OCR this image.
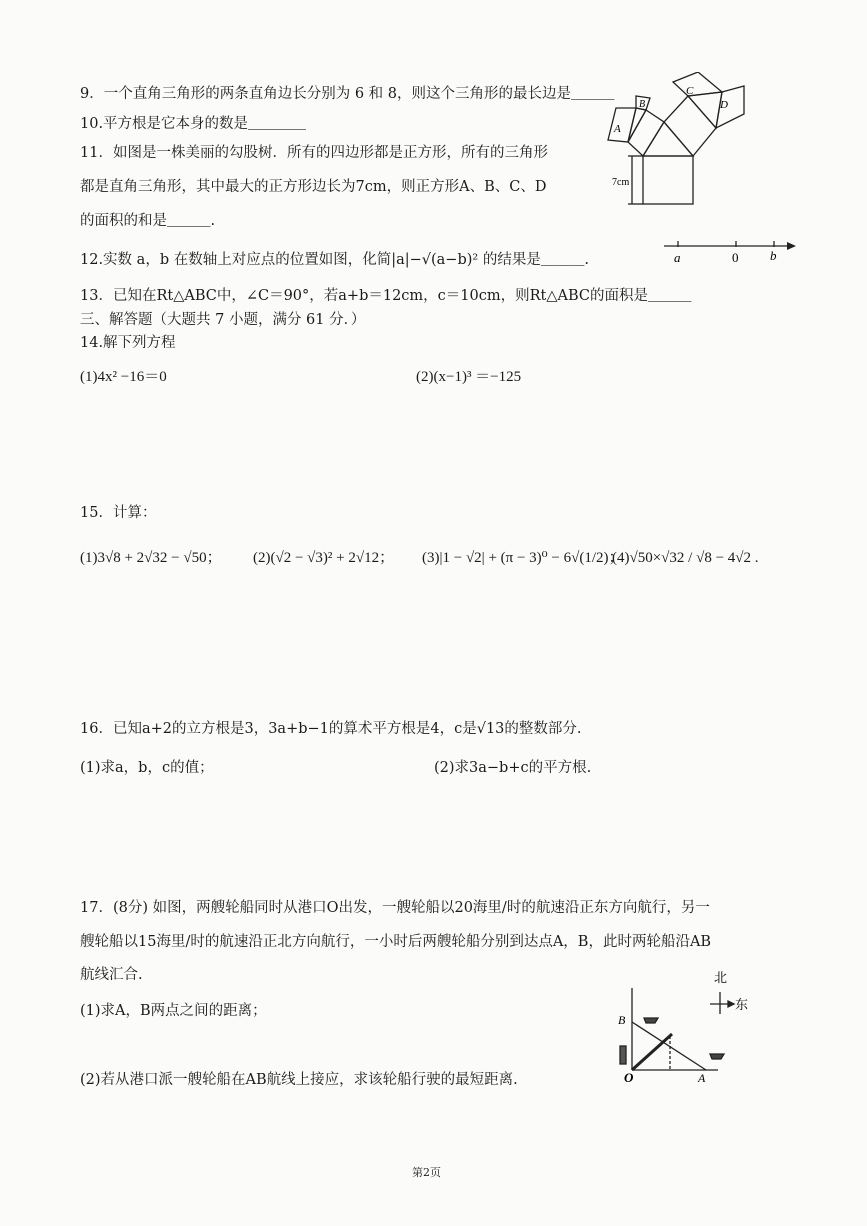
9．一个直角三角形的两条直角边长分别为 6 和 8，则这个三角形的最长边是＿＿＿
10.平方根是它本身的数是＿＿＿＿
11．如图是一株美丽的勾股树．所有的四边形都是正方形，所有的三角形
都是直角三角形，其中最大的正方形边长为7cm，则正方形A、B、C、D
的面积的和是＿＿＿.
C
D
B
A
7cm
12.实数 a，b 在数轴上对应点的位置如图，化简|a|−√(a−b)² 的结果是＿＿＿.	a	0 b
13．已知在Rt△ABC中，∠C＝90°，若a+b＝12cm，c＝10cm，则Rt△ABC的面积是＿＿＿
三、解答题（大题共 7 小题，满分 61 分．）
14.解下列方程
(1)4x² −16＝0	(2)(x−1)³ ＝−125
15．计算：
(1)3√8 + 2√32 − √50； (2)(√2 − √3)² + 2√12； (3)|1 − √2| + (π − 3)⁰ − 6√(1/2)；
(4)√50×√32 / √8 − 4√2 .
16．已知a+2的立方根是3，3a+b−1的算术平方根是4，c是√13的整数部分.
(1)求a，b，c的值；	(2)求3a−b+c的平方根.
17．(8分) 如图，两艘轮船同时从港口O出发，一艘轮船以20海里/时的航速沿正东方向航行，另一
艘轮船以15海里/时的航速沿正北方向航行，一小时后两艘轮船分别到达点A，B，此时两轮船沿AB
航线汇合.
(1)求A，B两点之间的距离；
(2)若从港口派一艘轮船在AB航线上接应，求该轮船行驶的最短距离.
北
东
B
O	A
第2页
